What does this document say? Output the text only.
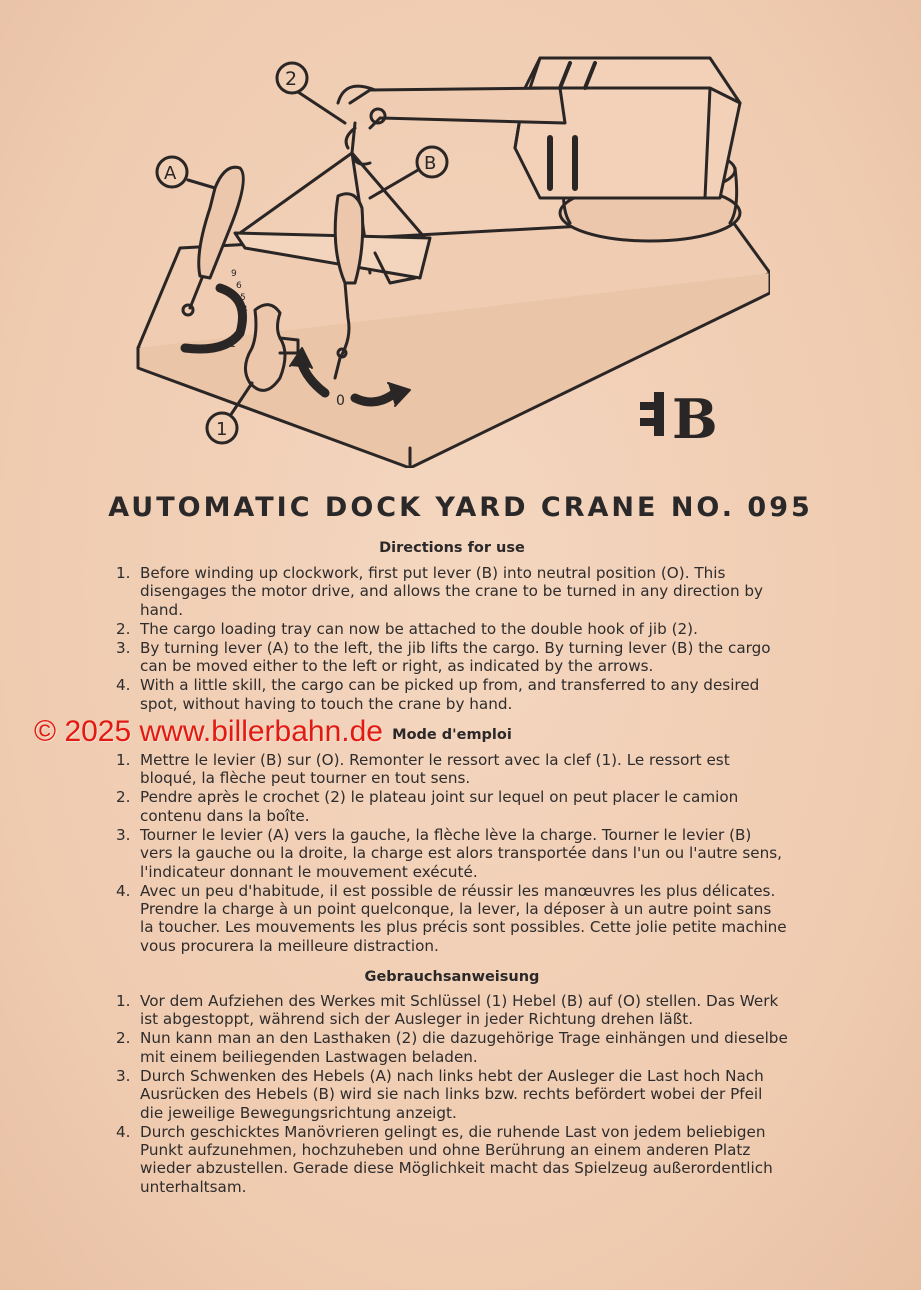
9
6
5
4
3
2
1
0
2
A	B
1	B
AUTOMATIC DOCK YARD CRANE NO. 095
Directions for use
1. Before winding up clockwork, first put lever (B) into neutral position (O). This disengages the motor drive, and allows the crane to be turned in any direction by hand.
2. The cargo loading tray can now be attached to the double hook of jib (2).
3. By turning lever (A) to the left, the jib lifts the cargo. By turning lever (B) the cargo can be moved either to the left or right, as indicated by the arrows.
4. With a little skill, the cargo can be picked up from, and transferred to any desired spot, without having to touch the crane by hand.
Mode d'emploi
1. Mettre le levier (B) sur (O). Remonter le ressort avec la clef (1). Le ressort est bloqué, la flèche peut tourner en tout sens.
2. Pendre après le crochet (2) le plateau joint sur lequel on peut placer le camion contenu dans la boîte.
3. Tourner le levier (A) vers la gauche, la flèche lève la charge. Tourner le levier (B) vers la gauche ou la droite, la charge est alors transportée dans l'un ou l'autre sens, l'indicateur donnant le mouvement exécuté.
4. Avec un peu d'habitude, il est possible de réussir les manœuvres les plus délicates. Prendre la charge à un point quelconque, la lever, la déposer à un autre point sans la toucher. Les mouvements les plus précis sont possibles. Cette jolie petite machine vous procurera la meilleure distraction.
Gebrauchsanweisung
1. Vor dem Aufziehen des Werkes mit Schlüssel (1) Hebel (B) auf (O) stellen. Das Werk ist abgestoppt, während sich der Ausleger in jeder Richtung drehen läßt.
2. Nun kann man an den Lasthaken (2) die dazugehörige Trage einhängen und dieselbe mit einem beiliegenden Lastwagen beladen.
3. Durch Schwenken des Hebels (A) nach links hebt der Ausleger die Last hoch Nach Ausrücken des Hebels (B) wird sie nach links bzw. rechts befördert wobei der Pfeil die jeweilige Bewegungsrichtung anzeigt.
4. Durch geschicktes Manövrieren gelingt es, die ruhende Last von jedem beliebigen Punkt aufzunehmen, hochzuheben und ohne Berührung an einem anderen Platz wieder abzustellen. Gerade diese Möglichkeit macht das Spielzeug außerordentlich unterhaltsam.

© 2025 www.billerbahn.de
